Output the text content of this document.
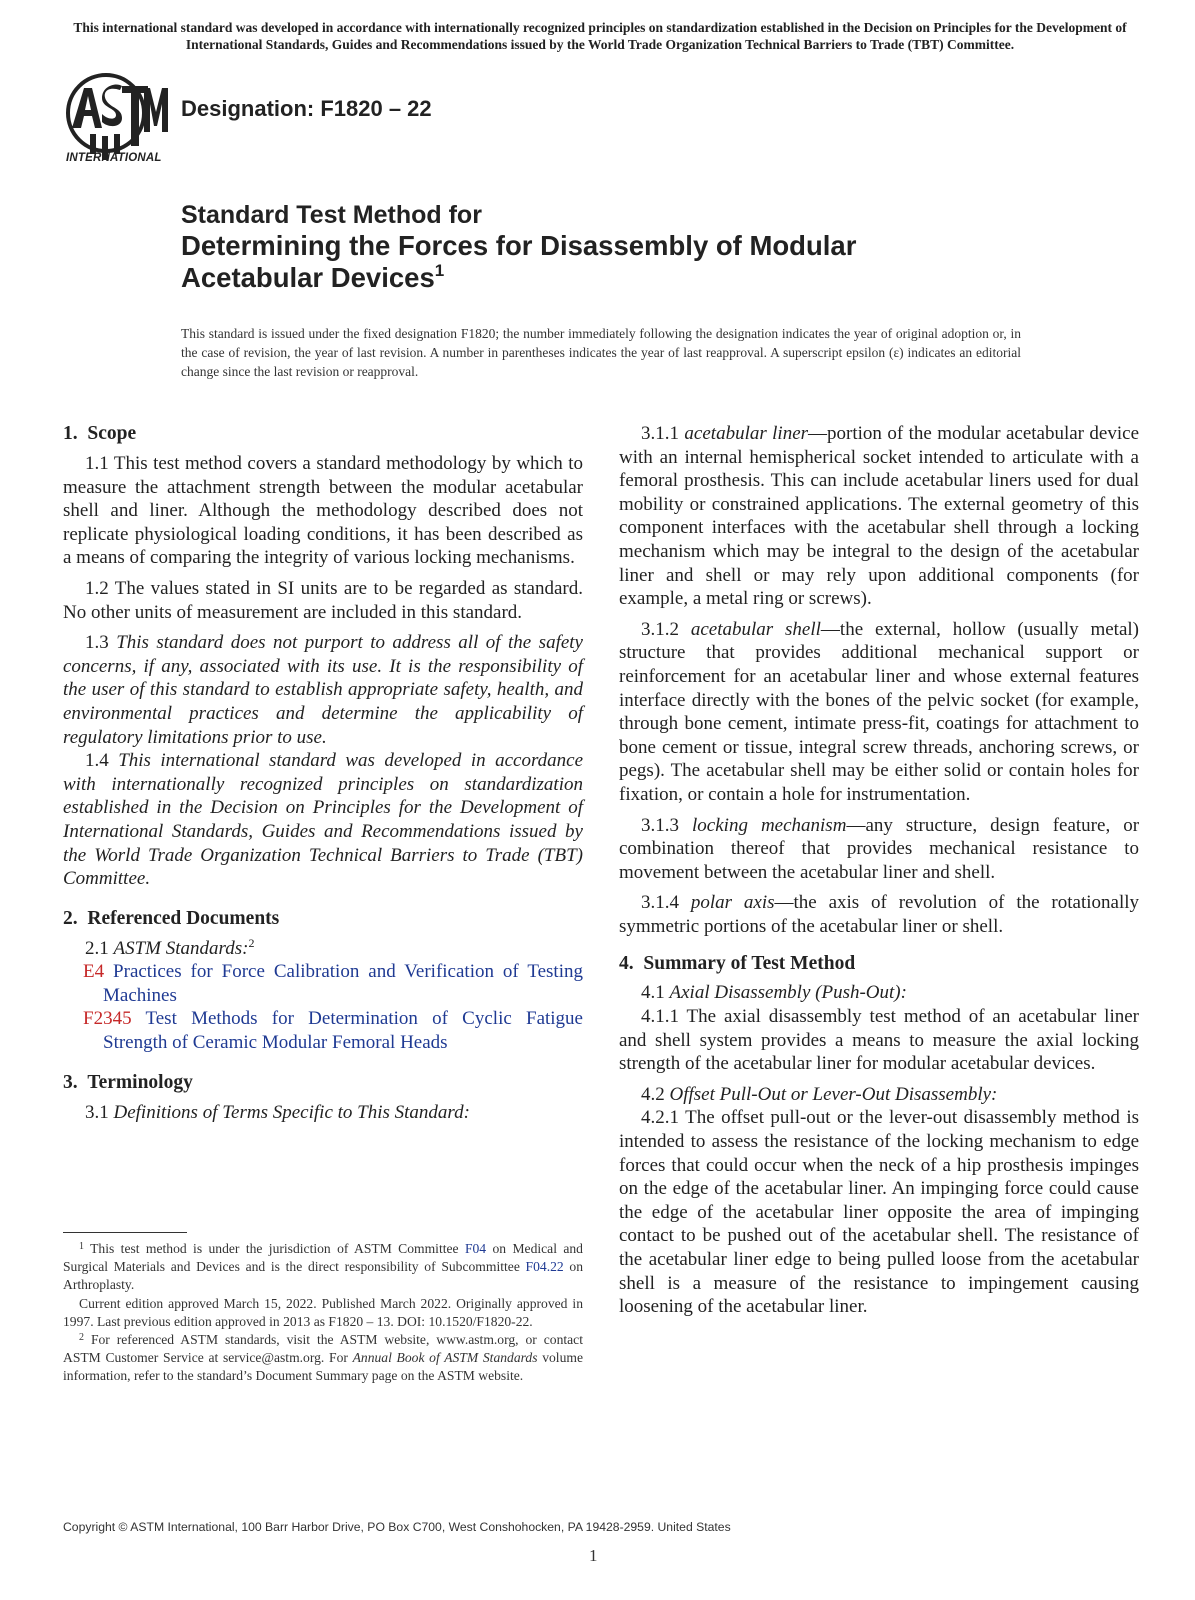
This international standard was developed in accordance with internationally recognized principles on standardization established in the Decision on Principles for the Development of International Standards, Guides and Recommendations issued by the World Trade Organization Technical Barriers to Trade (TBT) Committee.
INTERNATIONAL
Designation: F1820 – 22
Standard Test Method for
Determining the Forces for Disassembly of Modular
Acetabular Devices$^1$
This standard is issued under the fixed designation F1820; the number immediately following the designation indicates the year of original adoption or, in the case of revision, the year of last revision. A number in parentheses indicates the year of last reapproval. A superscript epsilon (ε) indicates an editorial change since the last revision or reapproval.
1.  Scope

1.1 This test method covers a standard methodology by which to measure the attachment strength between the modular acetabular shell and liner. Although the methodology described does not replicate physiological loading conditions, it has been described as a means of comparing the integrity of various locking mechanisms.

1.2 The values stated in SI units are to be regarded as standard. No other units of measurement are included in this standard.

1.3 This standard does not purport to address all of the safety concerns, if any, associated with its use. It is the responsibility of the user of this standard to establish appropriate safety, health, and environmental practices and determine the applicability of regulatory limitations prior to use.

1.4 This international standard was developed in accordance with internationally recognized principles on standardization established in the Decision on Principles for the Development of International Standards, Guides and Recommendations issued by the World Trade Organization Technical Barriers to Trade (TBT) Committee.

2.  Referenced Documents

2.1 ASTM Standards:$^2$

E4 Practices for Force Calibration and Verification of Testing Machines
F2345 Test Methods for Determination of Cyclic Fatigue Strength of Ceramic Modular Femoral Heads
3.  Terminology

3.1 Definitions of Terms Specific to This Standard:

$^1$ This test method is under the jurisdiction of ASTM Committee F04 on Medical and Surgical Materials and Devices and is the direct responsibility of Subcommittee F04.22 on Arthroplasty.

Current edition approved March 15, 2022. Published March 2022. Originally approved in 1997. Last previous edition approved in 2013 as F1820 – 13. DOI: 10.1520/F1820-22.

$^2$ For referenced ASTM standards, visit the ASTM website, www.astm.org, or contact ASTM Customer Service at service@astm.org. For Annual Book of ASTM Standards volume information, refer to the standard’s Document Summary page on the ASTM website.

3.1.1 acetabular liner—portion of the modular acetabular device with an internal hemispherical socket intended to articulate with a femoral prosthesis. This can include acetabular liners used for dual mobility or constrained applications. The external geometry of this component interfaces with the acetabular shell through a locking mechanism which may be integral to the design of the acetabular liner and shell or may rely upon additional components (for example, a metal ring or screws).

3.1.2 acetabular shell—the external, hollow (usually metal) structure that provides additional mechanical support or reinforcement for an acetabular liner and whose external features interface directly with the bones of the pelvic socket (for example, through bone cement, intimate press-fit, coatings for attachment to bone cement or tissue, integral screw threads, anchoring screws, or pegs). The acetabular shell may be either solid or contain holes for fixation, or contain a hole for instrumentation.

3.1.3 locking mechanism—any structure, design feature, or combination thereof that provides mechanical resistance to movement between the acetabular liner and shell.

3.1.4 polar axis—the axis of revolution of the rotationally symmetric portions of the acetabular liner or shell.

4.  Summary of Test Method

4.1 Axial Disassembly (Push-Out):

4.1.1 The axial disassembly test method of an acetabular liner and shell system provides a means to measure the axial locking strength of the acetabular liner for modular acetabular devices.

4.2 Offset Pull-Out or Lever-Out Disassembly:

4.2.1 The offset pull-out or the lever-out disassembly method is intended to assess the resistance of the locking mechanism to edge forces that could occur when the neck of a hip prosthesis impinges on the edge of the acetabular liner. An impinging force could cause the edge of the acetabular liner opposite the area of impinging contact to be pushed out of the acetabular shell. The resistance of the acetabular liner edge to being pulled loose from the acetabular shell is a measure of the resistance to impingement causing loosening of the acetabular liner.

Copyright © ASTM International, 100 Barr Harbor Drive, PO Box C700, West Conshohocken, PA 19428-2959. United States
1
